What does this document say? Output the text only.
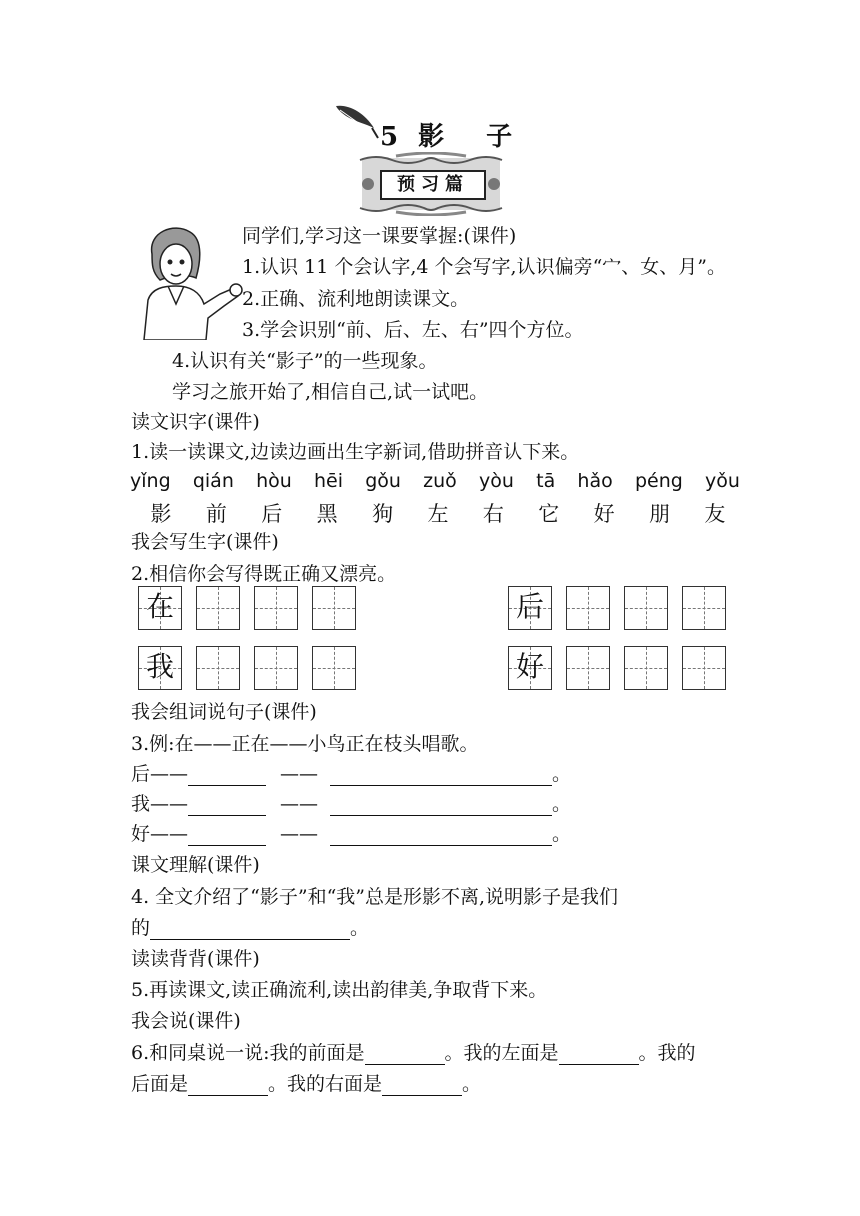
5 影 子
预习篇
同学们,学习这一课要掌握:(课件)
1.认识 11 个会认字,4 个会写字,认识偏旁“宀、女、月”。
2.正确、流利地朗读课文。
3.学会识别“前、后、左、右”四个方位。
4.认识有关“影子”的一些现象。
学习之旅开始了,相信自己,试一试吧。
读文识字(课件)
1.读一读课文,边读边画出生字新词,借助拼音认下来。
yǐng qián hòu hēi gǒu zuǒ yòu tā hǎo péng yǒu
影	前	后	黑	狗	左	右	它	好	朋	友
我会写生字(课件)
2.相信你会写得既正确又漂亮。
在	后
我	好
我会组词说句子(课件)
3.例:在——正在——小鸟正在枝头唱歌。
后——	——	。
我——	——	。
好——	——	。
课文理解(课件)
4. 全文介绍了“影子”和“我”总是形影不离,说明影子是我们
的	。
读读背背(课件)
5.再读课文,读正确流利,读出韵律美,争取背下来。
我会说(课件)
6.和同桌说一说:我的前面是	。我的左面是	。我的
后面是	。我的右面是	。
